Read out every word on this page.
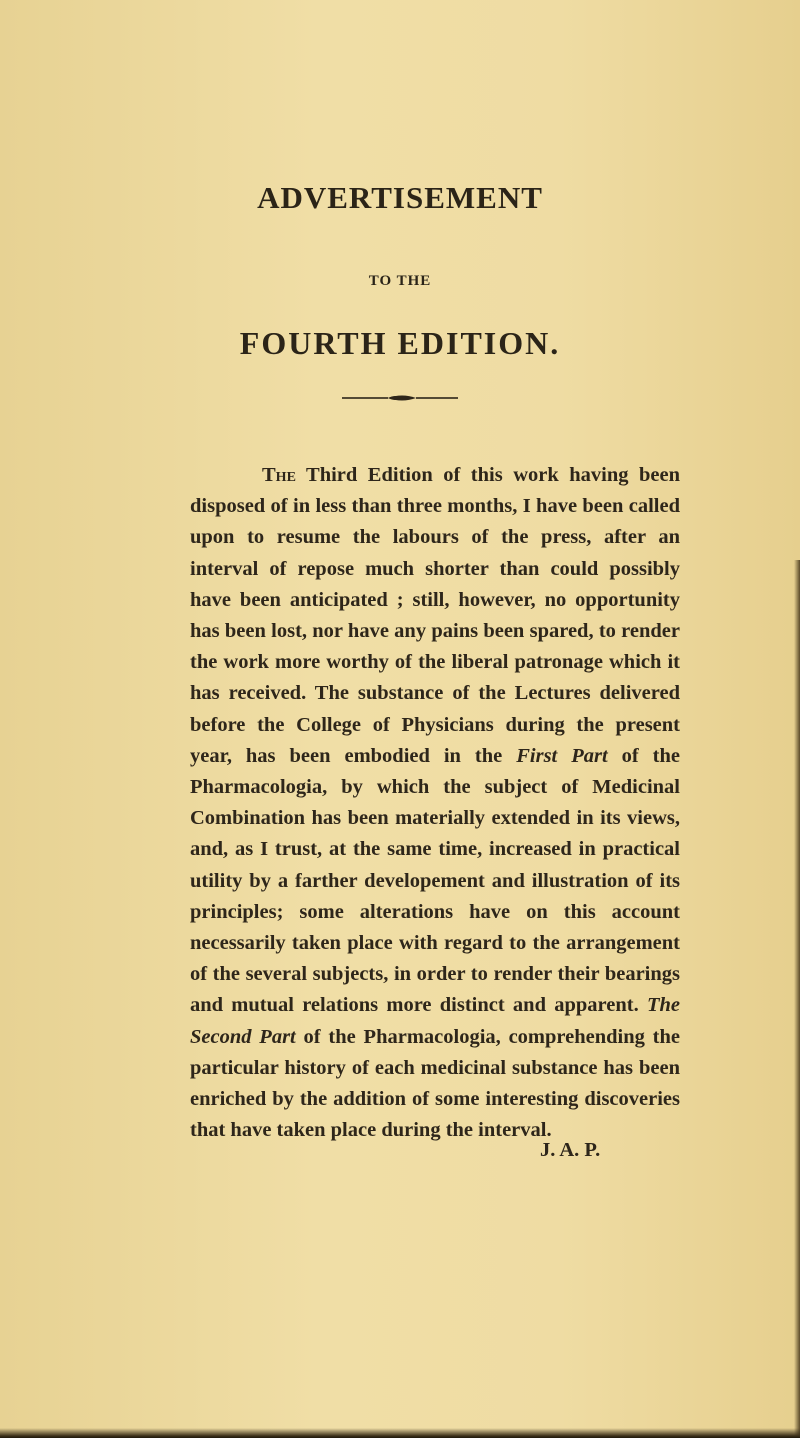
ADVERTISEMENT
TO THE
FOURTH EDITION.

The Third Edition of this work having been disposed of in less than three months, I have been called upon to resume the labours of the press, after an interval of repose much shorter than could possibly have been anticipated ; still, however, no opportunity has been lost, nor have any pains been spared, to render the work more worthy of the liberal patronage which it has received. The substance of the Lectures delivered before the College of Physicians during the present year, has been embodied in the First Part of the Pharmacologia, by which the subject of Medicinal Combination has been materially extended in its views, and, as I trust, at the same time, increased in practical utility by a farther developement and illustration of its principles; some alterations have on this account necessarily taken place with regard to the arrangement of the several subjects, in order to render their bearings and mutual relations more distinct and apparent. The Second Part of the Pharmacologia, comprehending the particular history of each medicinal substance has been enriched by the addition of some interesting discoveries that have taken place during the interval.

J. A. P.
